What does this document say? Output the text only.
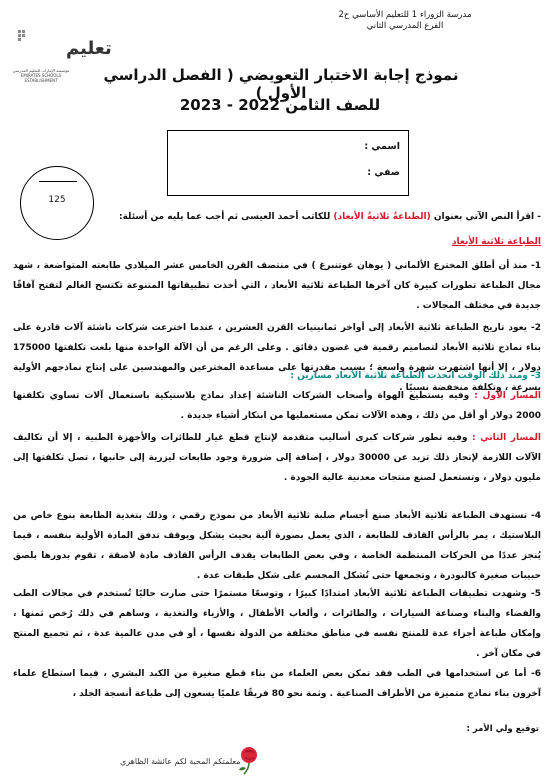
مدرسة الزوراء 1 للتعليم الأساسي ح2
الفرع المدرسي الثاني
تعليم
مؤسسة الإمارات للتعليم المدرسي EMIRATES SCHOOLS ESTABLISHMENT	نموذج إجابة الاختبار التعويضي ( الفصل الدراسي الأول )
للصف الثامن 2022 - 2023
اسمي :
صفي :
125
- اقرأ النص الآتي بعنوان (الطباعةُ ثلاثيةُ الأبعاد) للكاتب أحمد العيسى ثم أجب عما يليه من أسئلة:
الطباعة ثلاثية الأبعاد
1- منذ أن أطلق المخترع الألماني ( يوهان غوتنبرغ ) في منتصف القرن الخامس عشر الميلادي طابعته المتواضعة ، شهد مجال الطباعة تطورات كبيرة كان آخرها الطباعة ثلاثية الأبعاد ، التي أخذت تطبيقاتها المتنوعة تكتسح العالم لتفتح آفاقًا جديدة في مختلف المجالات .
2- يعود تاريخ الطباعة ثلاثية الأبعاد إلى أواخر ثمانينيات القرن العشرين ، عندما اخترعت شركات ناشئة آلات قادرة على بناء نماذج ثلاثية الأبعاد لتصاميم رقمية في غضون دقائق . وعلى الرغم من أن الآلة الواحدة منها بلغت تكلفتها 175000 دولار ، إلا أنها اشتهرت شهرة واسعة ؛ بسبب مقدرتها على مساعدة المخترعين والمهندسين على إنتاج نماذجهم الأولية بسرعة ، وتكلفة منخفضة نسبيًا .
3- ومنذ ذلك الوقت اتخذت الطباعة ثلاثية الأبعاد مسارين :
المسار الأول : وفيه يستطيع الهواة وأصحاب الشركات الناشئة إعداد نماذج بلاستيكية باستعمال آلات تساوي تكلفتها 2000 دولار أو أقل من ذلك ، وهذه الآلات تمكن مستعمليها من ابتكار أشياء جديدة .
المسار الثاني : وفيه تطور شركات كبرى أساليب متقدمة لإنتاج قطع غيار للطائرات والأجهزة الطبية ، إلا أن تكاليف الآلات اللازمة لإنجاز ذلك تزيد عن 30000 دولار ، إضافة إلى ضرورة وجود طابعات ليزرية إلى جانبها ، تصل تكلفتها إلى مليون دولار ، وتستعمل لصنع منتجات معدنية عالية الجودة .
4- تستهدف الطباعة ثلاثية الأبعاد صنع أجسام صلبة ثلاثية الأبعاد من نموذج رقمي ، وذلك بتغذية الطابعة بنوع خاص من البلاستيك ، يمر بالرأس القاذف للطابعة ، الذي يعمل بصورة آلية بحيث يشكل ويوقف تدفق المادة الأولية بنفسه ، فيما يُنجز عددًا من الحركات المنتظمة الخاصة ، وفي بعض الطابعات يقذف الرأس القاذف مادة لاصقة ، تقوم بدورها بلصق حبيبات صغيرة كالبودرة ، وتجمعها حتى تُشكل المجسم على شكل طبقات عدة .
5- وشهدت تطبيقات الطباعة ثلاثية الأبعاد امتدادًا كبيرًا ، وتوسعًا مستمرًا حتى صارت حاليًا تُستخدم في مجالات الطب والفضاء والبناء وصناعة السيارات ، والطائرات ، وألعاب الأطفال ، والأزياء والتغذية ، وساهم في ذلك رُخص ثمنها ، وإمكان طباعة أجزاء عدة للمنتج نفسه في مناطق مختلفة من الدولة نفسها ، أو في مدن عالمية عدة ، ثم تجميع المنتج في مكان آخر .
6- أما عن استخدامها في الطب فقد تمكن بعض العلماء من بناء قطع صغيرة من الكبد البشري ، فيما استطاع علماء آخرون بناء نماذج متميزة من الأطراف الصناعية . وثمة نحو 80 فريقًا علميًا يسعون إلى طباعة أنسجة الجلد ،
توقيع ولي الأمر :
معلمتكم المحبة لكم عائشة الظاهري
